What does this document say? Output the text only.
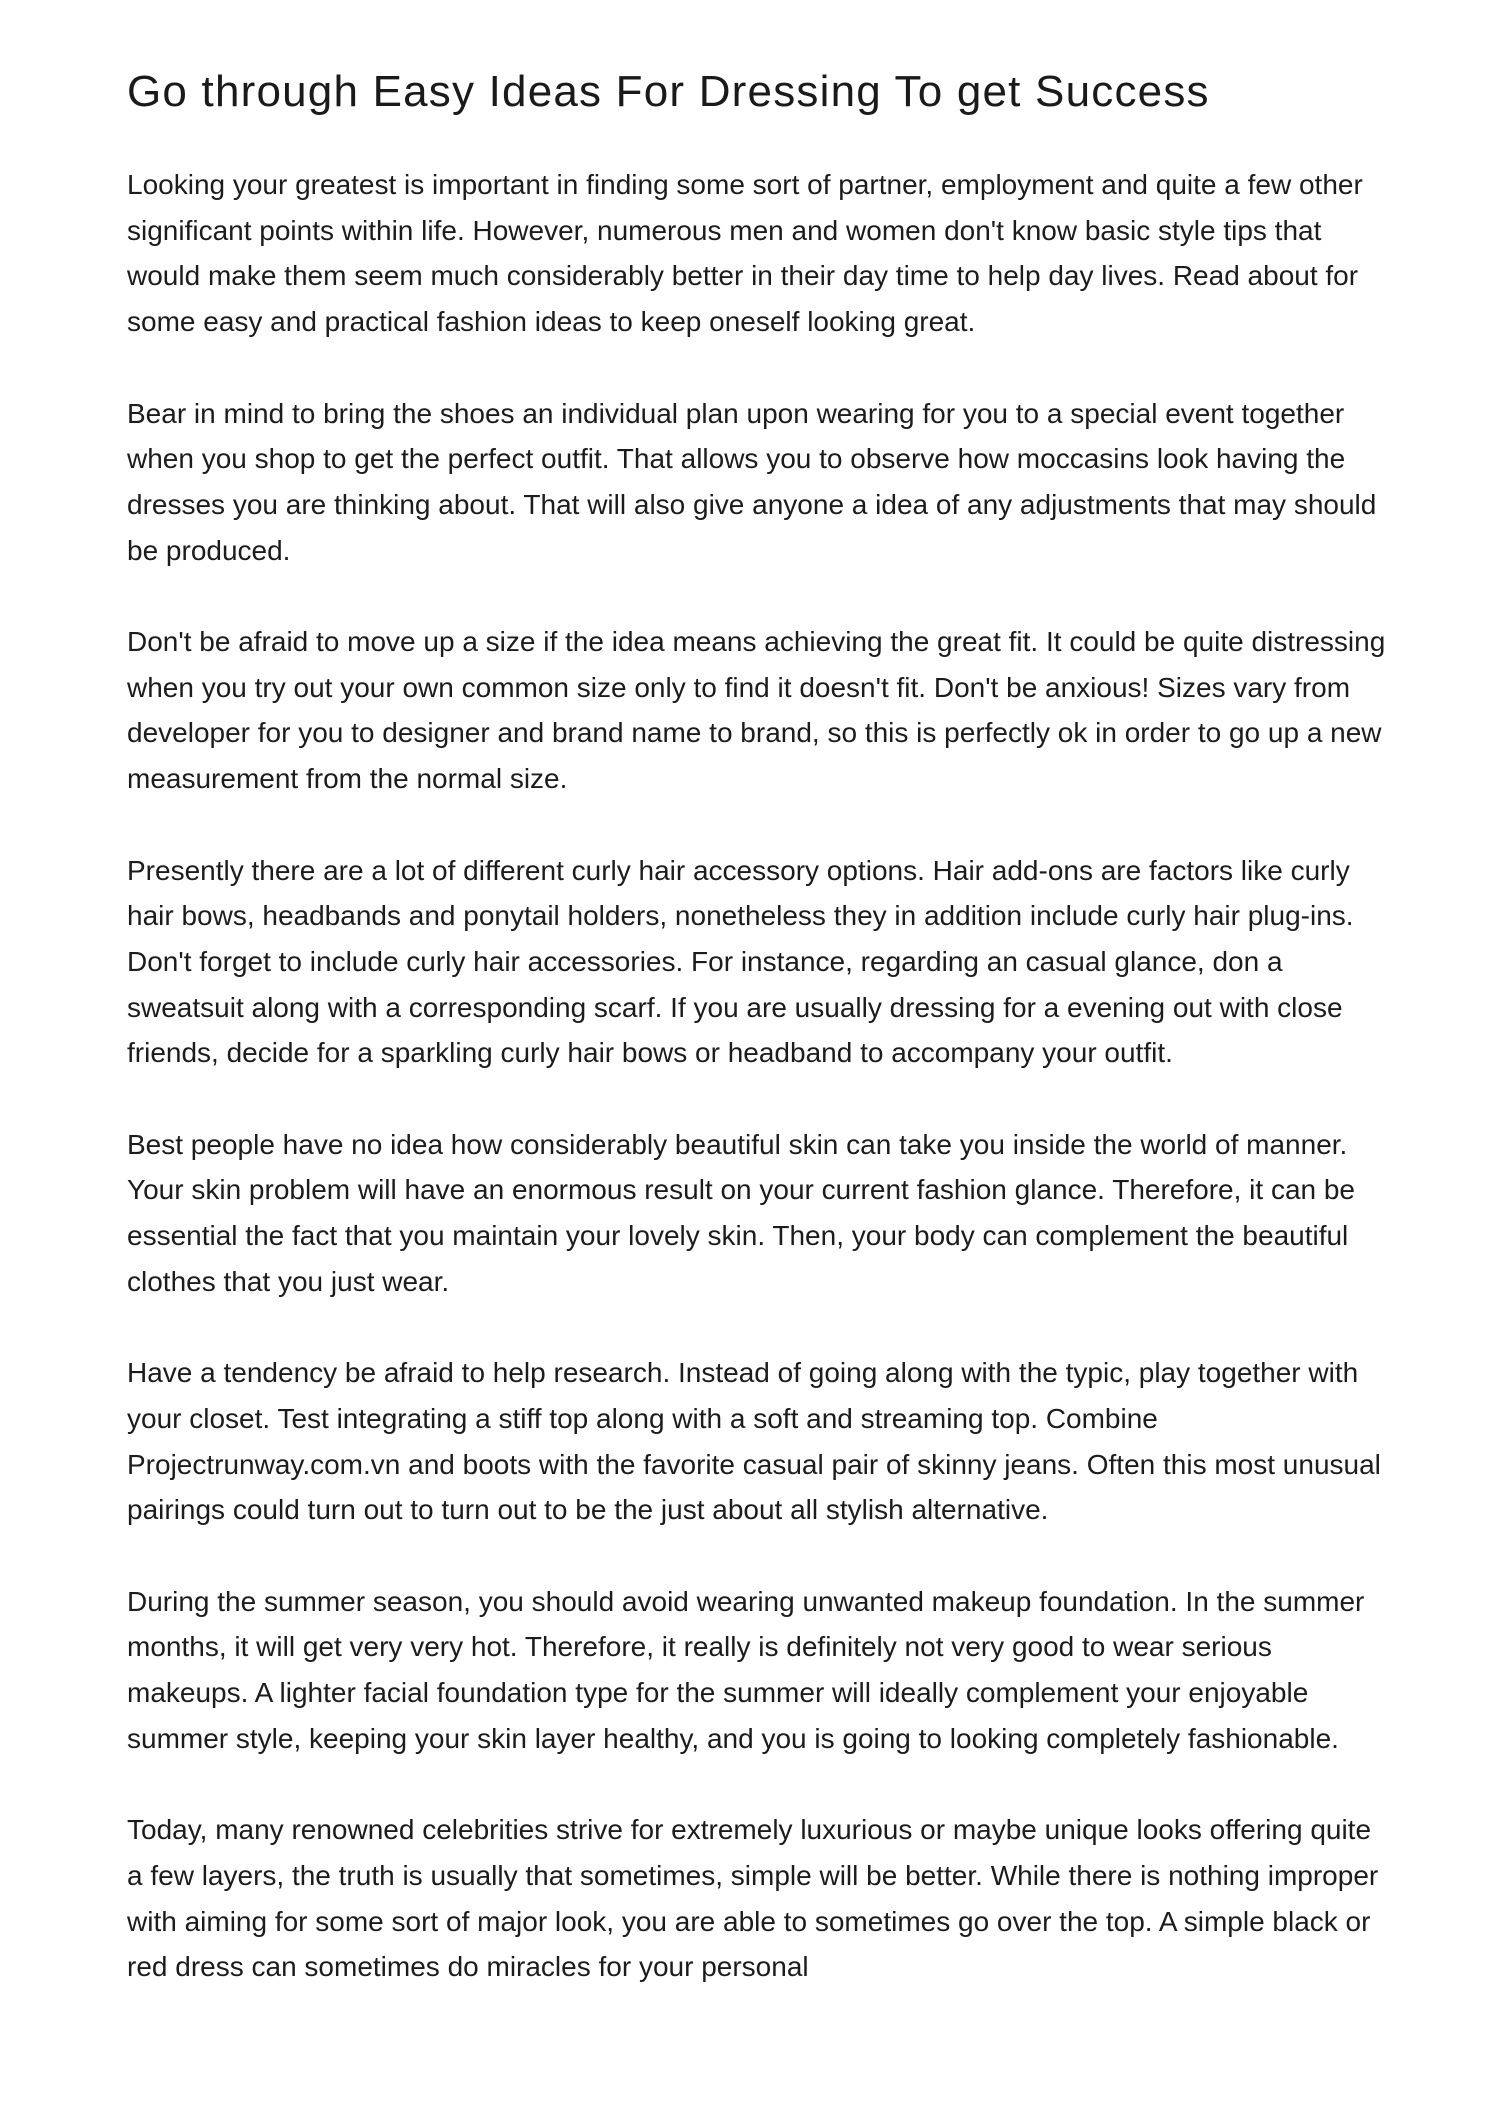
Go through Easy Ideas For Dressing To get Success

Looking your greatest is important in finding some sort of partner, employment and quite a few other significant points within life. However, numerous men and women don't know basic style tips that would make them seem much considerably better in their day time to help day lives. Read about for some easy and practical fashion ideas to keep oneself looking great.

Bear in mind to bring the shoes an individual plan upon wearing for you to a special event together when you shop to get the perfect outfit. That allows you to observe how moccasins look having the dresses you are thinking about. That will also give anyone a idea of any adjustments that may should be produced.

Don't be afraid to move up a size if the idea means achieving the great fit. It could be quite distressing when you try out your own common size only to find it doesn't fit. Don't be anxious! Sizes vary from developer for you to designer and brand name to brand, so this is perfectly ok in order to go up a new measurement from the normal size.

Presently there are a lot of different curly hair accessory options. Hair add-ons are factors like curly hair bows, headbands and ponytail holders, nonetheless they in addition include curly hair plug-ins. Don't forget to include curly hair accessories. For instance, regarding an casual glance, don a sweatsuit along with a corresponding scarf. If you are usually dressing for a evening out with close friends, decide for a sparkling curly hair bows or headband to accompany your outfit.

Best people have no idea how considerably beautiful skin can take you inside the world of manner. Your skin problem will have an enormous result on your current fashion glance. Therefore, it can be essential the fact that you maintain your lovely skin. Then, your body can complement the beautiful clothes that you just wear.

Have a tendency be afraid to help research. Instead of going along with the typic, play together with your closet. Test integrating a stiff top along with a soft and streaming top. Combine Projectrunway.com.vn and boots with the favorite casual pair of skinny jeans. Often this most unusual pairings could turn out to turn out to be the just about all stylish alternative.

During the summer season, you should avoid wearing unwanted makeup foundation. In the summer months, it will get very very hot. Therefore, it really is definitely not very good to wear serious makeups. A lighter facial foundation type for the summer will ideally complement your enjoyable summer style, keeping your skin layer healthy, and you is going to looking completely fashionable.

Today, many renowned celebrities strive for extremely luxurious or maybe unique looks offering quite a few layers, the truth is usually that sometimes, simple will be better. While there is nothing improper with aiming for some sort of major look, you are able to sometimes go over the top. A simple black or red dress can sometimes do miracles for your personal
